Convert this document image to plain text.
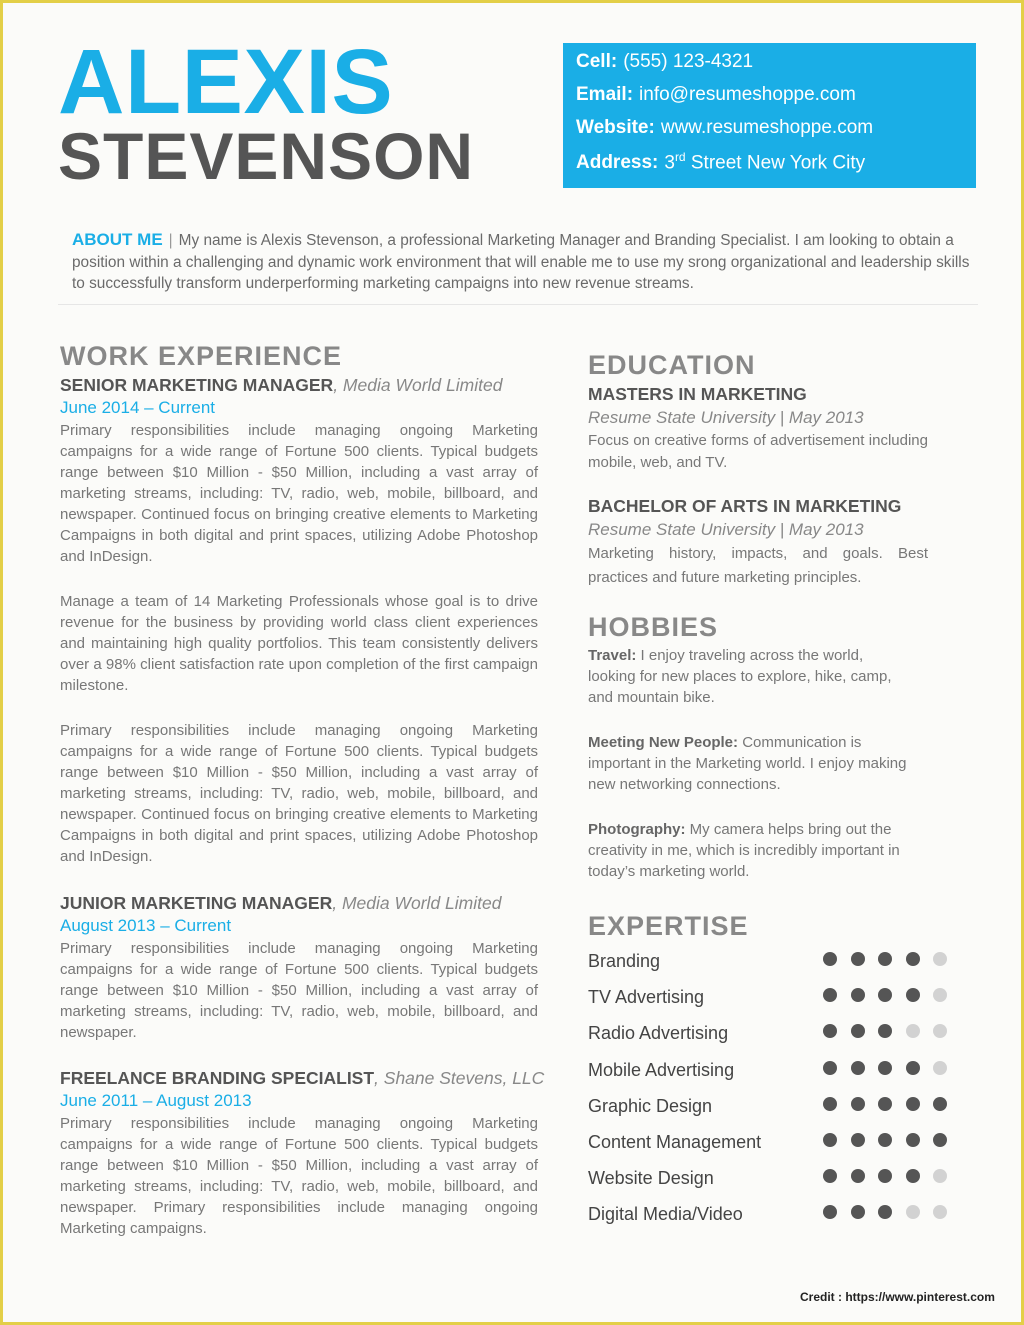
ALEXIS
STEVENSON
Cell: (555) 123-4321
Email: info@resumeshoppe.com
Website: www.resumeshoppe.com
Address: 3rd Street New York City
ABOUT ME | My name is Alexis Stevenson, a professional Marketing Manager and Branding Specialist. I am looking to obtain a position within a challenging and dynamic work environment that will enable me to use my srong organizational and leadership skills to successfully transform underperforming marketing campaigns into new revenue streams.
WORK EXPERIENCE
SENIOR MARKETING MANAGER, Media World Limited
June 2014 – Current

Primary responsibilities include managing ongoing Marketing campaigns for a wide range of Fortune 500 clients. Typical budgets range between $10 Million - $50 Million, including a vast array of marketing streams, including: TV, radio, web, mobile, billboard, and newspaper. Continued focus on bringing creative elements to Marketing Campaigns in both digital and print spaces, utilizing Adobe Photoshop and InDesign.

Manage a team of 14 Marketing Professionals whose goal is to drive revenue for the business by providing world class client experiences and maintaining high quality portfolios. This team consistently delivers over a 98% client satisfaction rate upon completion of the first campaign milestone.

Primary responsibilities include managing ongoing Marketing campaigns for a wide range of Fortune 500 clients. Typical budgets range between $10 Million - $50 Million, including a vast array of marketing streams, including: TV, radio, web, mobile, billboard, and newspaper. Continued focus on bringing creative elements to Marketing Campaigns in both digital and print spaces, utilizing Adobe Photoshop and InDesign.

JUNIOR MARKETING MANAGER, Media World Limited
August 2013 – Current

Primary responsibilities include managing ongoing Marketing campaigns for a wide range of Fortune 500 clients. Typical budgets range between $10 Million - $50 Million, including a vast array of marketing streams, including: TV, radio, web, mobile, billboard, and newspaper.

FREELANCE BRANDING SPECIALIST, Shane Stevens, LLC
June 2011 – August 2013

Primary responsibilities include managing ongoing Marketing campaigns for a wide range of Fortune 500 clients. Typical budgets range between $10 Million - $50 Million, including a vast array of marketing streams, including: TV, radio, web, mobile, billboard, and newspaper. Primary responsibilities include managing ongoing Marketing campaigns.

EDUCATION
MASTERS IN MARKETING
Resume State University | May 2013
Focus on creative forms of advertisement including mobile, web, and TV.
BACHELOR OF ARTS IN MARKETING
Resume State University | May 2013
Marketing history, impacts, and goals. Best practices and future marketing principles.
HOBBIES
Travel: I enjoy traveling across the world, looking for new places to explore, hike, camp, and mountain bike.
Meeting New People: Communication is important in the Marketing world. I enjoy making new networking connections.
Photography: My camera helps bring out the creativity in me, which is incredibly important in today’s marketing world.
EXPERTISE
Branding
TV Advertising
Radio Advertising
Mobile Advertising
Graphic Design
Content Management
Website Design
Digital Media/Video
Credit : https://www.pinterest.com
